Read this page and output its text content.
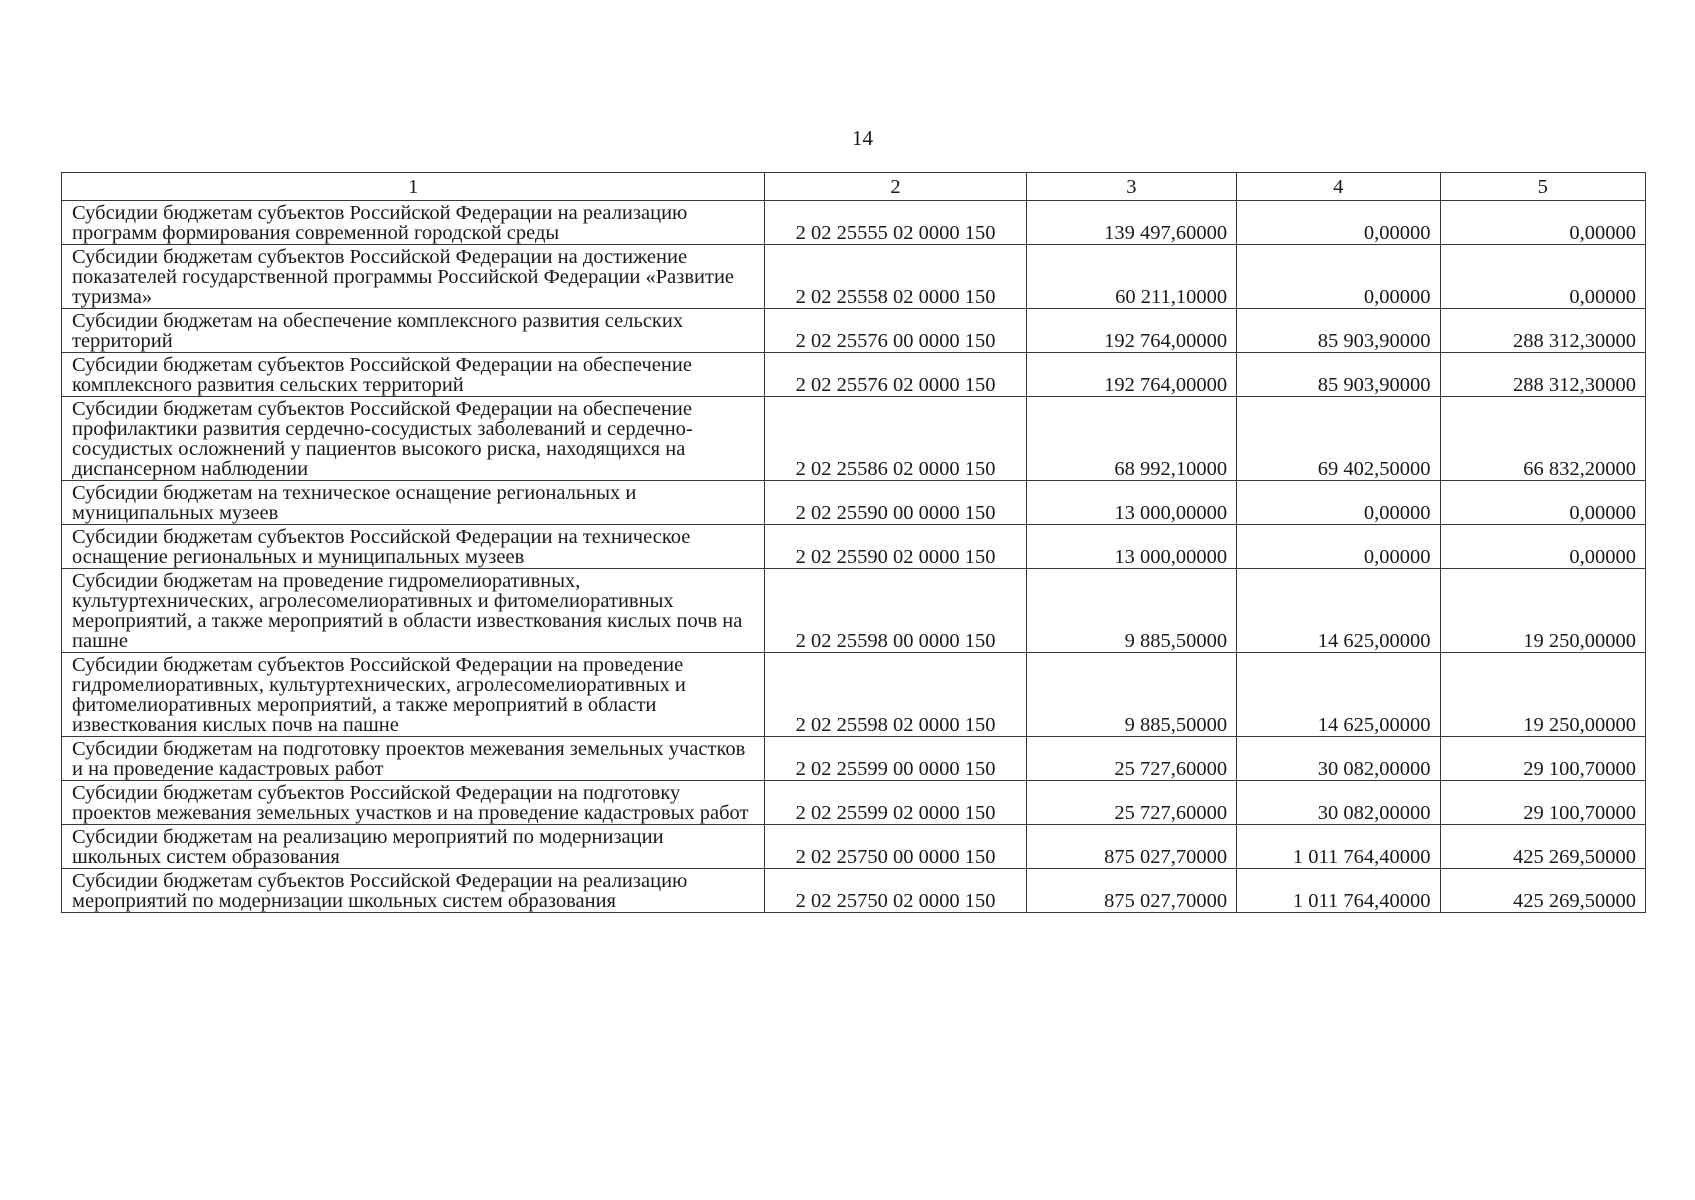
14
1	2	3	4	5
Субсидии бюджетам субъектов Российской Федерации на реализацию программ формирования современной городской среды	2 02 25555 02 0000 150	139 497,60000	0,00000	0,00000
Субсидии бюджетам субъектов Российской Федерации на достижение показателей государственной программы Российской Федерации «Развитие туризма»	2 02 25558 02 0000 150	60 211,10000	0,00000	0,00000
Субсидии бюджетам на обеспечение комплексного развития сельских территорий	2 02 25576 00 0000 150	192 764,00000	85 903,90000	288 312,30000
Субсидии бюджетам субъектов Российской Федерации на обеспечение комплексного развития сельских территорий	2 02 25576 02 0000 150	192 764,00000	85 903,90000	288 312,30000
Субсидии бюджетам субъектов Российской Федерации на обеспечение профилактики развития сердечно-сосудистых заболеваний и сердечно-сосудистых осложнений у пациентов высокого риска, находящихся на диспансерном наблюдении	2 02 25586 02 0000 150	68 992,10000	69 402,50000	66 832,20000
Субсидии бюджетам на техническое оснащение региональных и муниципальных музеев	2 02 25590 00 0000 150	13 000,00000	0,00000	0,00000
Субсидии бюджетам субъектов Российской Федерации на техническое оснащение региональных и муниципальных музеев	2 02 25590 02 0000 150	13 000,00000	0,00000	0,00000
Субсидии бюджетам на проведение гидромелиоративных, культуртехнических, агролесомелиоративных и фитомелиоративных мероприятий, а также мероприятий в области известкования кислых почв на пашне	2 02 25598 00 0000 150	9 885,50000	14 625,00000	19 250,00000
Субсидии бюджетам субъектов Российской Федерации на проведение гидромелиоративных, культуртехнических, агролесомелиоративных и фитомелиоративных мероприятий, а также мероприятий в области известкования кислых почв на пашне	2 02 25598 02 0000 150	9 885,50000	14 625,00000	19 250,00000
Субсидии бюджетам на подготовку проектов межевания земельных участков и на проведение кадастровых работ	2 02 25599 00 0000 150	25 727,60000	30 082,00000	29 100,70000
Субсидии бюджетам субъектов Российской Федерации на подготовку проектов межевания земельных участков и на проведение кадастровых работ	2 02 25599 02 0000 150	25 727,60000	30 082,00000	29 100,70000
Субсидии бюджетам на реализацию мероприятий по модернизации школьных систем образования	2 02 25750 00 0000 150	875 027,70000	1 011 764,40000	425 269,50000
Субсидии бюджетам субъектов Российской Федерации на реализацию мероприятий по модернизации школьных систем образования	2 02 25750 02 0000 150	875 027,70000	1 011 764,40000	425 269,50000
